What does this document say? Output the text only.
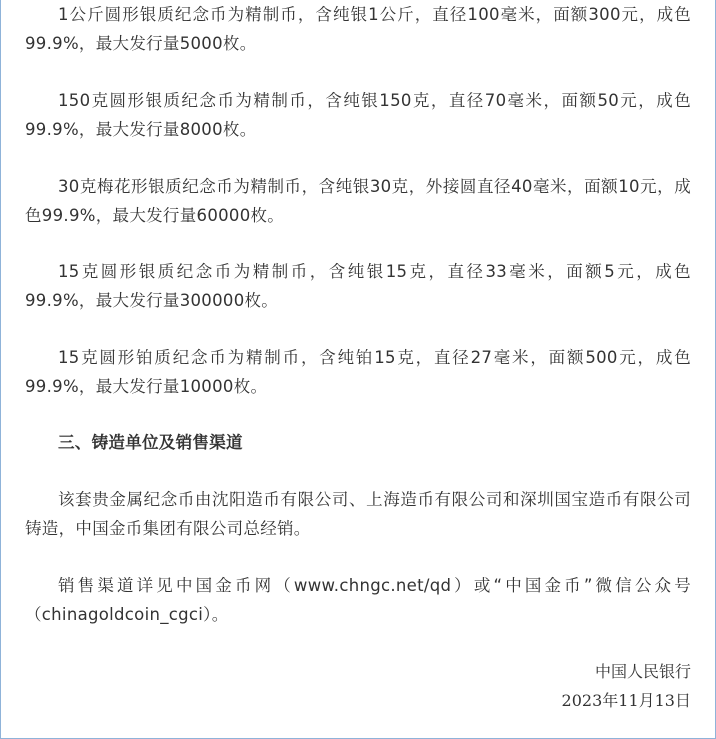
1公斤圆形银质纪念币为精制币，含纯银1公斤，直径100毫米，面额300元，成色99.9%，最大发行量5000枚。

150克圆形银质纪念币为精制币，含纯银150克，直径70毫米，面额50元，成色99.9%，最大发行量8000枚。

30克梅花形银质纪念币为精制币，含纯银30克，外接圆直径40毫米，面额10元，成色99.9%，最大发行量60000枚。

15克圆形银质纪念币为精制币，含纯银15克，直径33毫米，面额5元，成色99.9%，最大发行量300000枚。

15克圆形铂质纪念币为精制币，含纯铂15克，直径27毫米，面额500元，成色99.9%，最大发行量10000枚。

三、铸造单位及销售渠道

该套贵金属纪念币由沈阳造币有限公司、上海造币有限公司和深圳国宝造币有限公司铸造，中国金币集团有限公司总经销。

销售渠道详见中国金币网（www.chngc.net/qd）或“中国金币”微信公众号（chinagoldcoin_cgci）。

中国人民银行
2023年11月13日
